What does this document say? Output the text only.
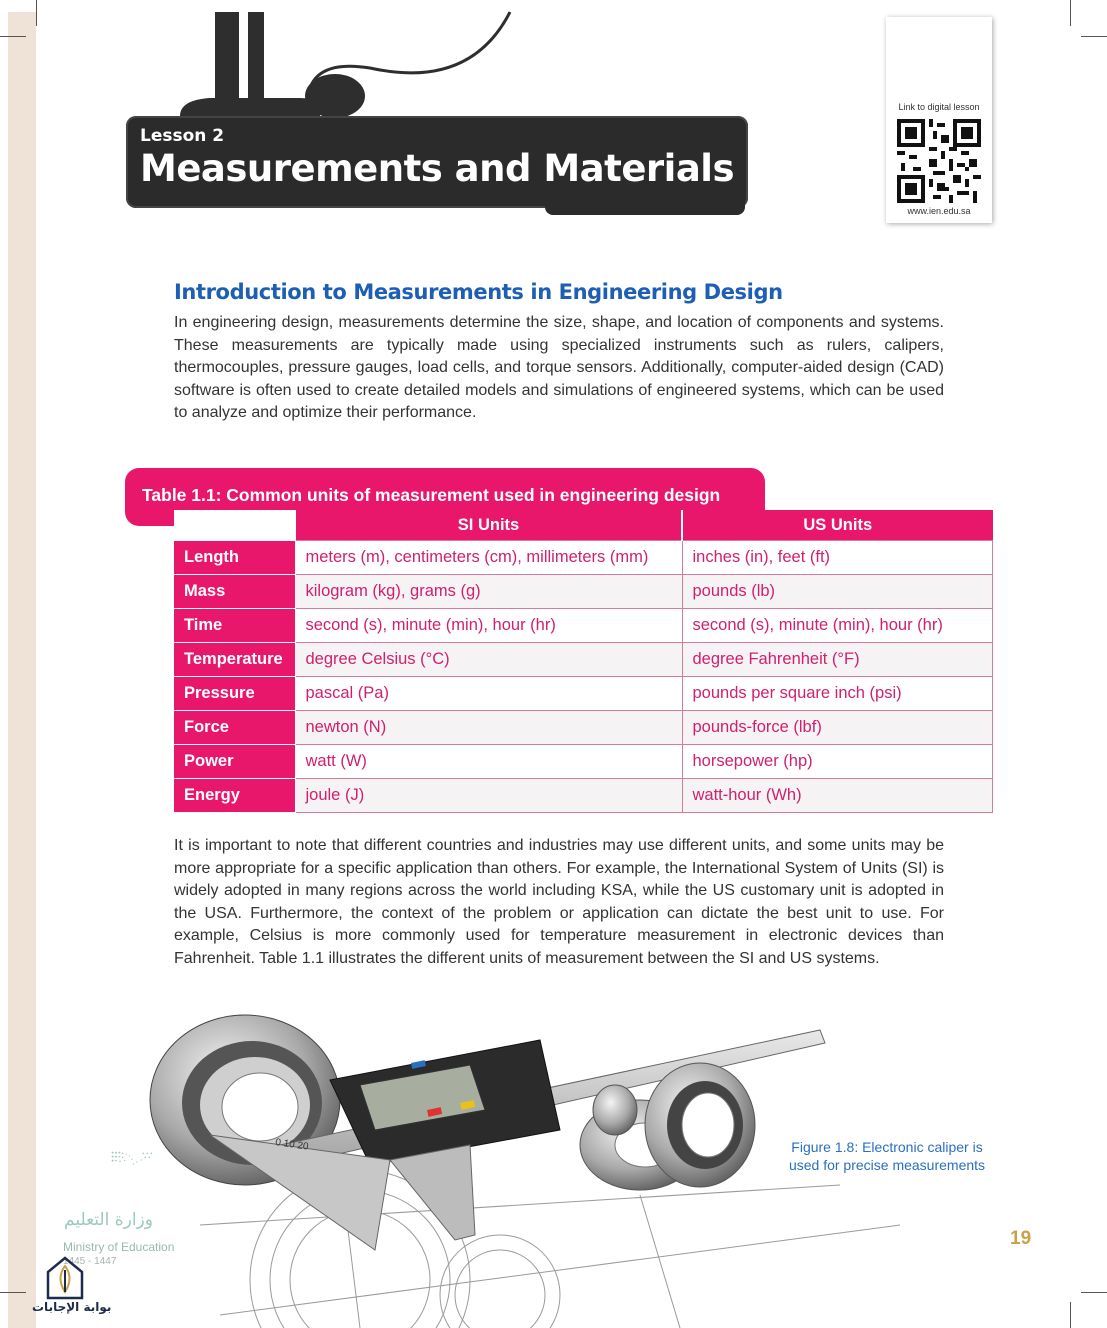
Lesson 2
Measurements and Materials
Link to digital lesson
www.ien.edu.sa
Introduction to Measurements in Engineering Design
In engineering design, measurements determine the size, shape, and location of components and systems. These measurements are typically made using specialized instruments such as rulers, calipers, thermocouples, pressure gauges, load cells, and torque sensors. Additionally, computer-aided design (CAD) software is often used to create detailed models and simulations of engineered systems, which can be used to analyze and optimize their performance.
Table 1.1: Common units of measurement used in engineering design
	SI Units	US Units
Length	meters (m), centimeters (cm), millimeters (mm)	inches (in), feet (ft)
Mass	kilogram (kg), grams (g)	pounds (lb)
Time	second (s), minute (min), hour (hr)	second (s), minute (min), hour (hr)
Temperature	degree Celsius (°C)	degree Fahrenheit (°F)
Pressure	pascal (Pa)	pounds per square inch (psi)
Force	newton (N)	pounds-force (lbf)
Power	watt (W)	horsepower (hp)
Energy	joule (J)	watt-hour (Wh)
It is important to note that different countries and industries may use different units, and some units may be more appropriate for a specific application than others. For example, the International System of Units (SI) is widely adopted in many regions across the world including KSA, while the US customary unit is adopted in the USA. Furthermore, the context of the problem or application can dictate the best unit to use. For example, Celsius is more commonly used for temperature measurement in electronic devices than Fahrenheit. Table 1.1 illustrates the different units of measurement between the SI and US systems.
0 10 20	Figure 1.8: Electronic caliper is used for precise measurements
19
وزارة التعليم
Ministry of Education
1445 - 1447
بوابة الإجابات
